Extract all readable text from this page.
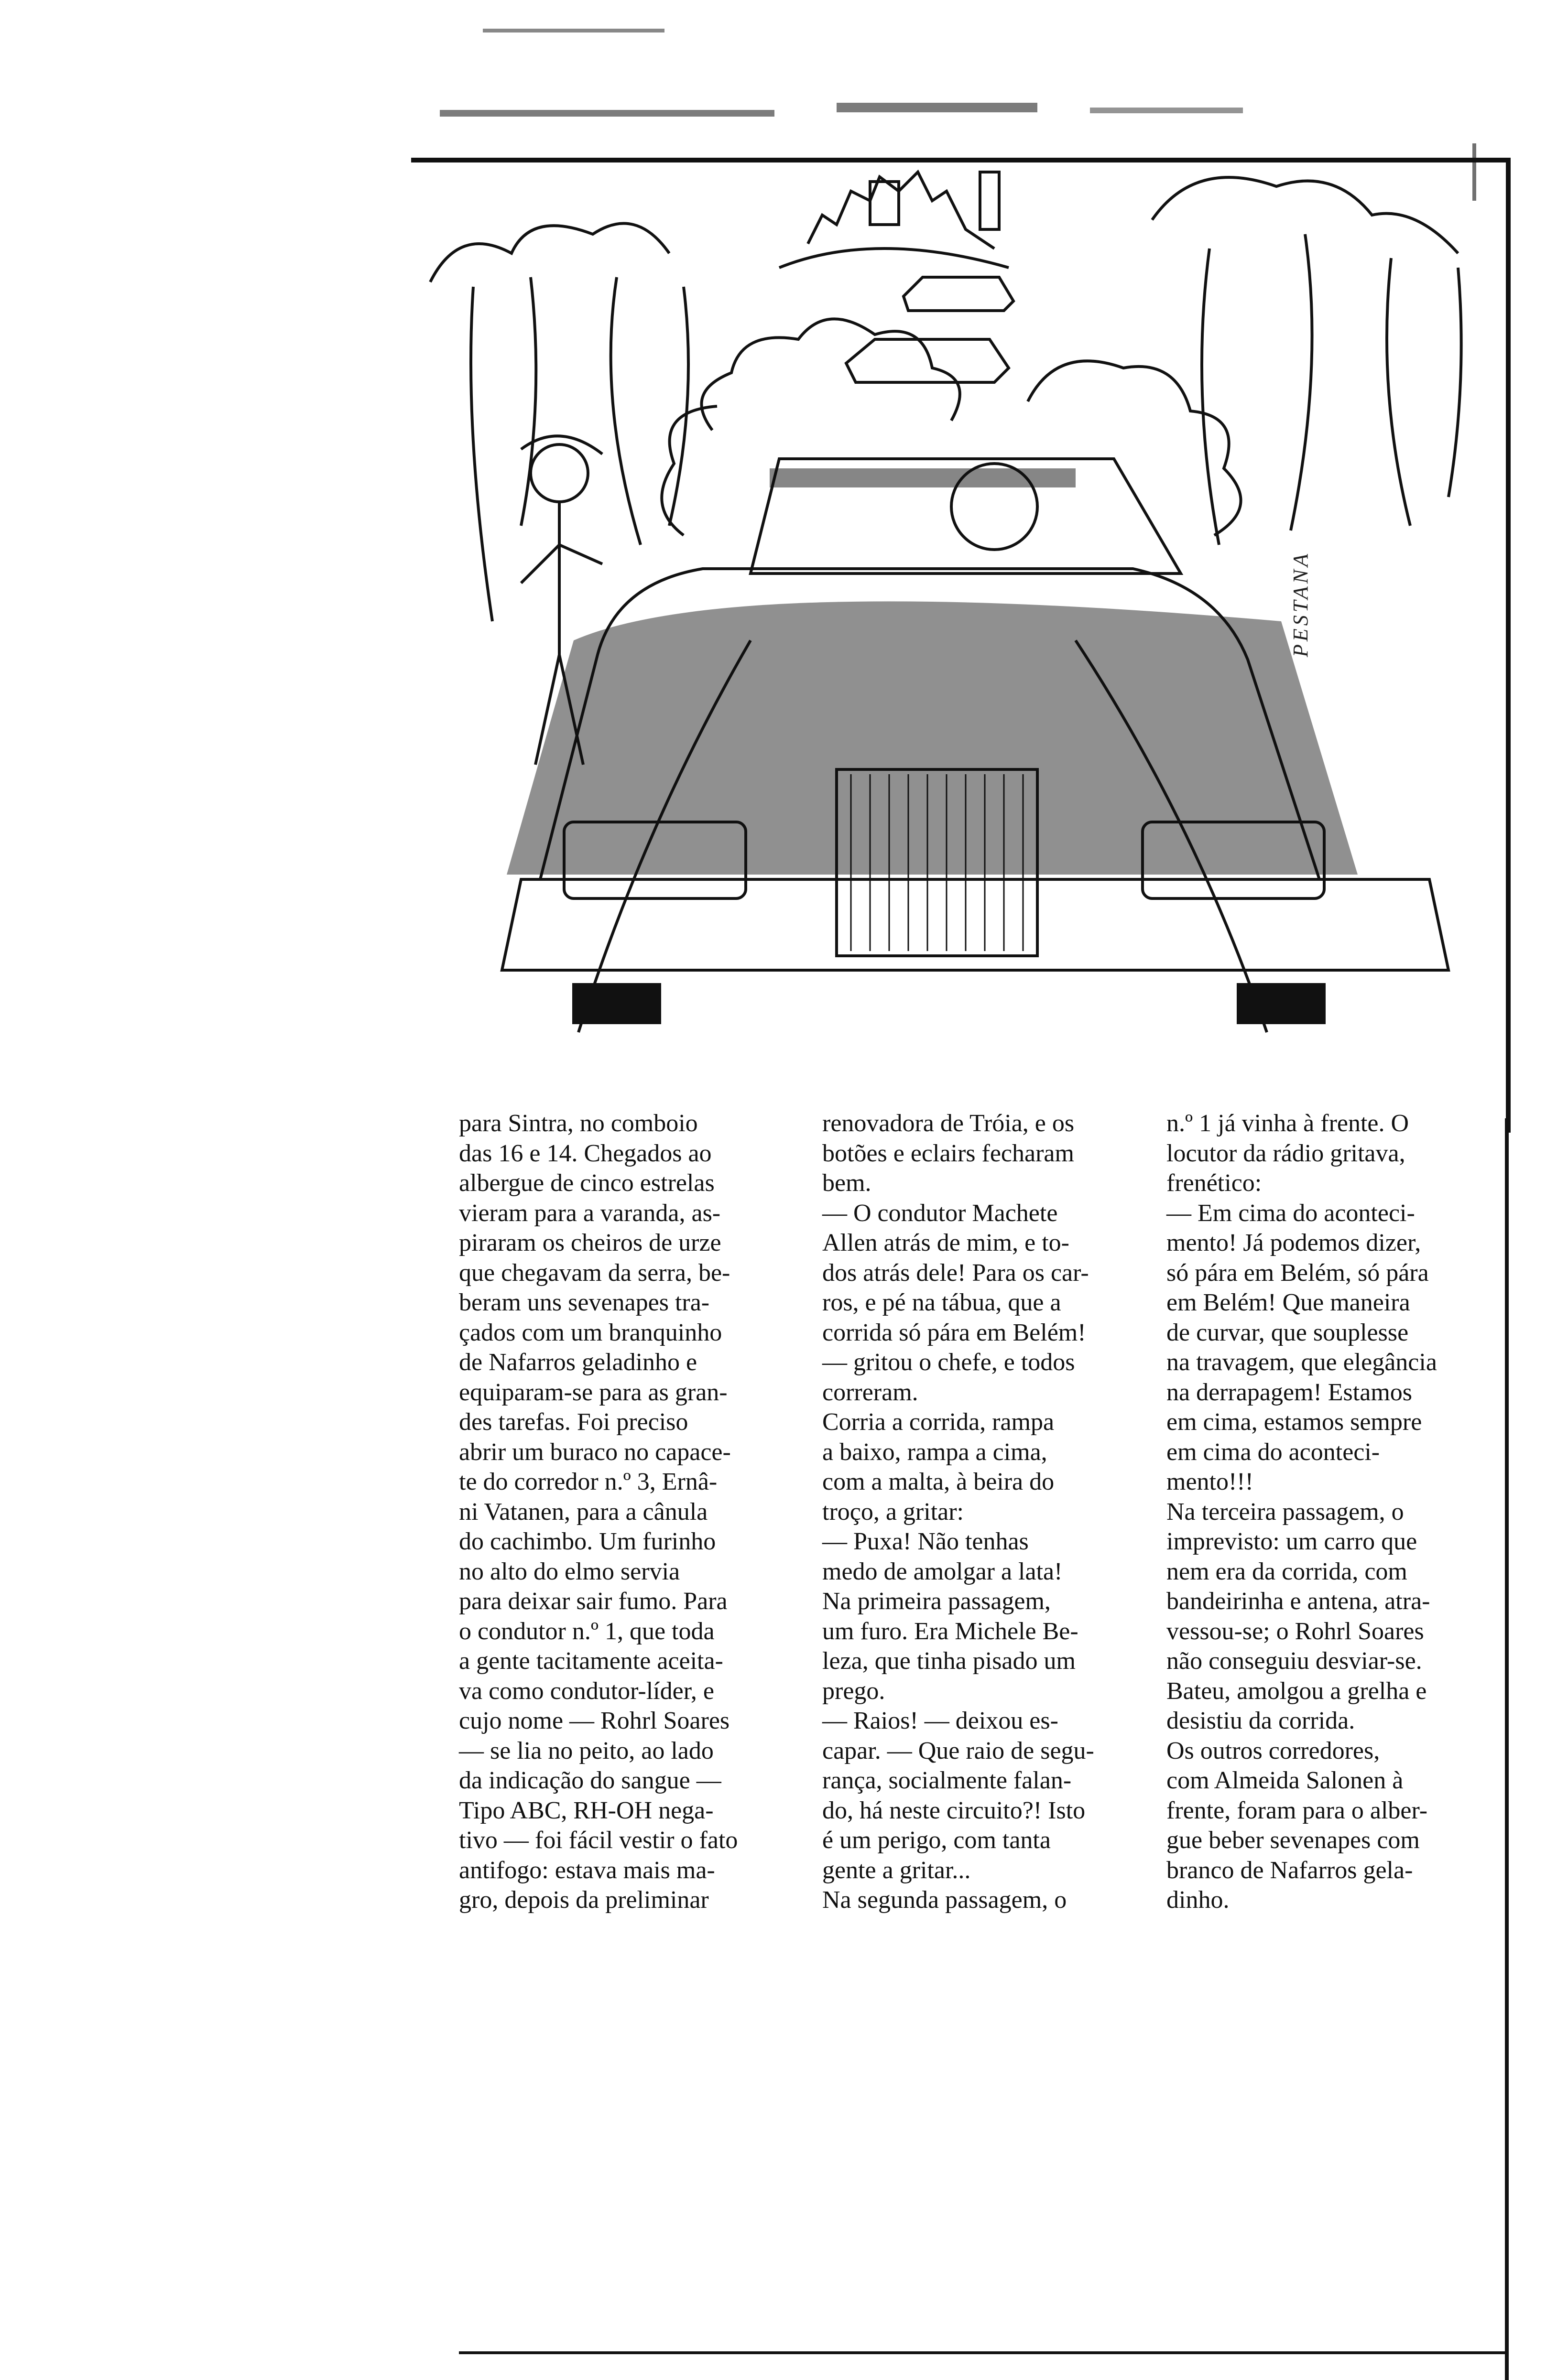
PESTANA

para Sintra, no comboio

das 16 e 14. Chegados ao

albergue de cinco estrelas

vieram para a varanda, as-

piraram os cheiros de urze

que chegavam da serra, be-

beram uns sevenapes tra-

çados com um branquinho

de Nafarros geladinho e

equiparam-se para as gran-

des tarefas. Foi preciso

abrir um buraco no capace-

te do corredor n.º 3, Ernâ-

ni Vatanen, para a cânula

do cachimbo. Um furinho

no alto do elmo servia

para deixar sair fumo. Para

o condutor n.º 1, que toda

a gente tacitamente aceita-

va como condutor-líder, e

cujo nome — Rohrl Soares

— se lia no peito, ao lado

da indicação do sangue —

Tipo ABC, RH-OH nega-

tivo — foi fácil vestir o fato

antifogo: estava mais ma-

gro, depois da preliminar

renovadora de Tróia, e os

botões e eclairs fecharam

bem.

— O condutor Machete

Allen atrás de mim, e to-

dos atrás dele! Para os car-

ros, e pé na tábua, que a

corrida só pára em Belém!

— gritou o chefe, e todos

correram.

Corria a corrida, rampa

a baixo, rampa a cima,

com a malta, à beira do

troço, a gritar:

— Puxa! Não tenhas

medo de amolgar a lata!

Na primeira passagem,

um furo. Era Michele Be-

leza, que tinha pisado um

prego.

— Raios! — deixou es-

capar. — Que raio de segu-

rança, socialmente falan-

do, há neste circuito?! Isto

é um perigo, com tanta

gente a gritar...

Na segunda passagem, o

n.º 1 já vinha à frente. O

locutor da rádio gritava,

frenético:

— Em cima do aconteci-

mento! Já podemos dizer,

só pára em Belém, só pára

em Belém! Que maneira

de curvar, que souplesse

na travagem, que elegância

na derrapagem! Estamos

em cima, estamos sempre

em cima do aconteci-

mento!!!

Na terceira passagem, o

imprevisto: um carro que

nem era da corrida, com

bandeirinha e antena, atra-

vessou-se; o Rohrl Soares

não conseguiu desviar-se.

Bateu, amolgou a grelha e

desistiu da corrida.

Os outros corredores,

com Almeida Salonen à

frente, foram para o alber-

gue beber sevenapes com

branco de Nafarros gela-

dinho.
